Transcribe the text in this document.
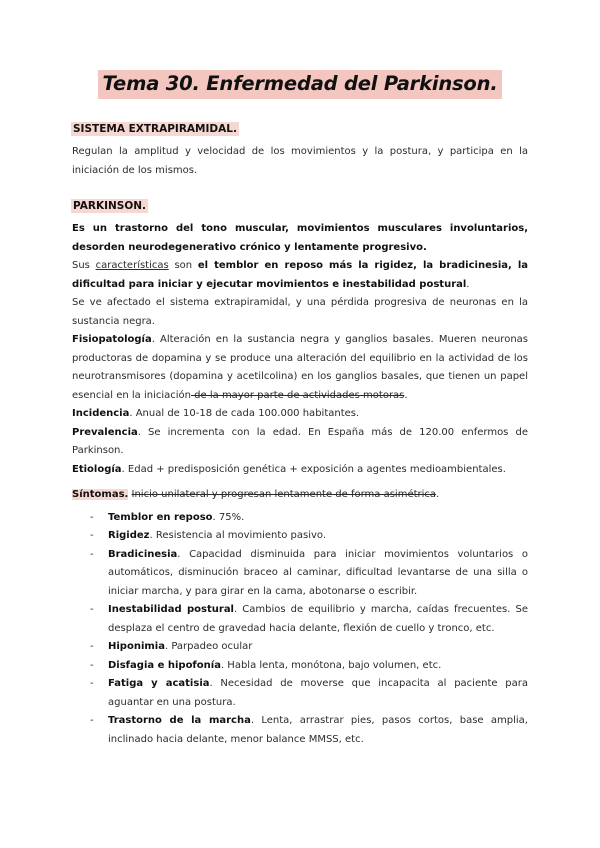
Tema 30. Enfermedad del Parkinson.
SISTEMA EXTRAPIRAMIDAL.

Regulan la amplitud y velocidad de los movimientos y la postura, y participa en la iniciación de los mismos.

PARKINSON.

Es un trastorno del tono muscular, movimientos musculares involuntarios, desorden neurodegenerativo crónico y lentamente progresivo.

Sus características son el temblor en reposo más la rigidez, la bradicinesia, la dificultad para iniciar y ejecutar movimientos e inestabilidad postural.

Se ve afectado el sistema extrapiramidal, y una pérdida progresiva de neuronas en la sustancia negra.

Fisiopatología. Alteración en la sustancia negra y ganglios basales. Mueren neuronas productoras de dopamina y se produce una alteración del equilibrio en la actividad de los neurotransmisores (dopamina y acetilcolina) en los ganglios basales, que tienen un papel esencial en la iniciación de la mayor parte de actividades motoras.

Incidencia. Anual de 10-18 de cada 100.000 habitantes.

Prevalencia. Se incrementa con la edad. En España más de 120.00 enfermos de Parkinson.

Etiología. Edad + predisposición genética + exposición a agentes medioambientales.

Síntomas. Inicio unilateral y progresan lentamente de forma asimétrica.

- Temblor en reposo. 75%.
- Rigidez. Resistencia al movimiento pasivo.
- Bradicinesia. Capacidad disminuida para iniciar movimientos voluntarios o automáticos, disminución braceo al caminar, dificultad levantarse de una silla o iniciar marcha, y para girar en la cama, abotonarse o escribir.
- Inestabilidad postural. Cambios de equilibrio y marcha, caídas frecuentes. Se desplaza el centro de gravedad hacia delante, flexión de cuello y tronco, etc.
- Hiponimia. Parpadeo ocular
- Disfagia e hipofonía. Habla lenta, monótona, bajo volumen, etc.
- Fatiga y acatisia. Necesidad de moverse que incapacita al paciente para aguantar en una postura.
- Trastorno de la marcha. Lenta, arrastrar pies, pasos cortos, base amplia, inclinado hacia delante, menor balance MMSS, etc.
